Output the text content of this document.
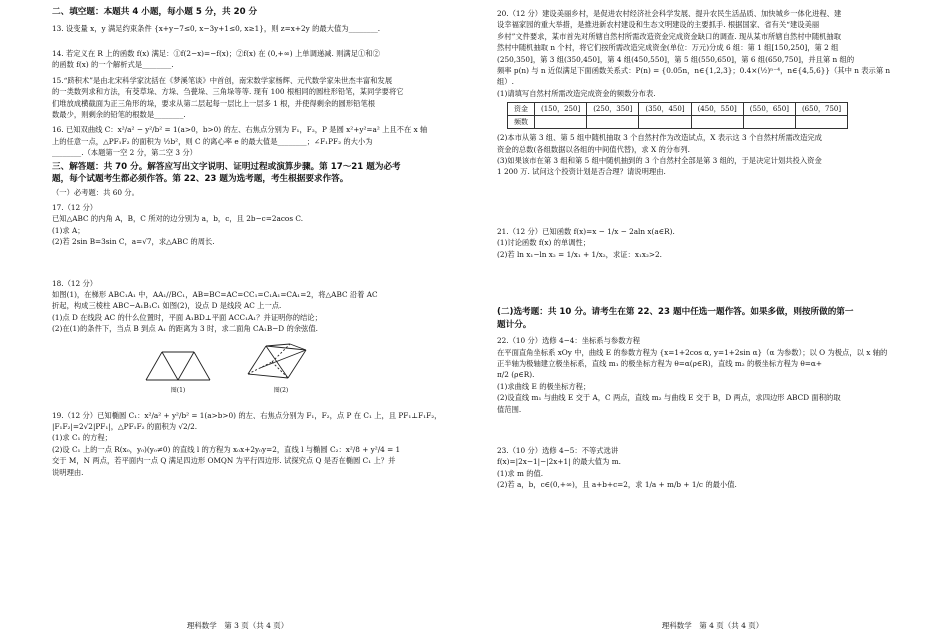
二、填空题：本题共 4 小题，每小题 5 分，共 20 分
13. 设变量 x，y 满足约束条件 {x+y−7≤0, x−3y+1≤0, x≥1}，则 z=x+2y 的最大值为________.
14. 若定义在 R 上的函数 f(x) 满足：①f(2−x)=−f(x)；②f(x) 在 (0,+∞) 上单调递减. 则满足①和②
的函数 f(x) 的一个解析式是________.
15.“跻积术”是由北宋科学家沈括在《梦溪笔谈》中首创，南宋数学家杨辉、元代数学家朱世杰丰富和发展
的一类数列求和方法，有茭草垛、方垛、刍甍垛、三角垛等等. 现有 100 根相同的圆柱形铅笔，某同学要将它
们堆放成横截面为正三角形的垛，要求从第二层起每一层比上一层多 1 根，并使得剩余的圆形铅笔根
数最少，则剩余的铅笔的根数是________.
16. 已知双曲线 C：x²/a² − y²/b² = 1(a>0，b>0) 的左、右焦点分别为 F₁，F₂，P 是圆 x²+y²=a² 上且不在 x 轴
上的任意一点，△PF₁F₂ 的面积为 ½b²，则 C 的离心率 e 的最大值是________；∠F₁PF₂ 的大小为
________.（本题第一空 2 分，第二空 3 分）
三、解答题：共 70 分。解答应写出文字说明、证明过程或演算步骤。第 17～21 题为必考
题，每个试题考生都必须作答。第 22、23 题为选考题，考生根据要求作答。
（一）必考题：共 60 分。
17.（12 分）
已知△ABC 的内角 A，B，C 所对的边分别为 a，b，c，且 2b−c=2acos C.
(1)求 A；
(2)若 2sin B=3sin C，a=√7，求△ABC 的周长.
18.（12 分）
如图(1)，在梯形 ABC₁A₁ 中，AA₁//BC₁，AB=BC=AC=CC₁=C₁A₁=CA₁=2，将△ABC 沿着 AC
折起，构成三棱柱 ABC−A₁B₁C₁ 如图(2)，设点 D 是线段 AC 上一点.
(1)点 D 在线段 AC 的什么位置时，平面 A₁BD⊥平面 ACC₁A₁？并证明你的结论；
(2)在(1)的条件下，当点 B 到点 A₁ 的距离为 3 时，求二面角 CA₁B−D 的余弦值.
图(1)	图(2)
19.（12 分）已知椭圆 C₁：x²/a² + y²/b² = 1(a>b>0) 的左、右焦点分别为 F₁，F₂，点 P 在 C₁ 上，且 PF₁⊥F₁F₂，
|F₁F₂|=2√2|PF₁|，△PF₁F₂ 的面积为 √2/2.
(1)求 C₁ 的方程；
(2)设 C₁ 上的一点 R(x₀，y₀)(y₀≠0) 的直线 l 的方程为 x₀x+2y₀y=2，直线 l 与椭圆 C₂：x²/8 + y²/4 = 1
交于 M，N 两点，若平面内一点 Q 满足四边形 OMQN 为平行四边形. 试探究点 Q 是否在椭圆 C₁ 上？并
说明理由.
理科数学　第 3 页（共 4 页）
20.（12 分）建设美丽乡村，是促进农村经济社会科学发展、提升农民生活品质、加快城乡一体化进程、建
设幸福家园的重大举措，是推进新农村建设和生态文明建设的主要抓手. 根据国家、省有关“建设美丽
乡村”文件要求，某市首先对所辖自然村所需改造资金完成资金缺口的调查. 现从某市所辖自然村中随机抽取
然村中随机抽取 n 个村，将它们按所需改造完成资金(单位：万元)分成 6 组：第 1 组[150,250]，第 2 组
(250,350]，第 3 组(350,450]，第 4 组(450,550]，第 5 组(550,650]，第 6 组(650,750]，并且第 n 组的
频率 p(n) 与 n 近似满足下面函数关系式：P(n) = {0.05n，n∈{1,2,3}；0.4×(½)ⁿ⁻⁴，n∈{4,5,6}}（其中 n 表示第 n
组）.
(1)请填写自然村所需改造完成资金的频数分布表.
资金	(150，250]	(250，350]	(350，450]	(450，550]	(550，650]	(650，750]
频数						
(2)本市从第 3 组、第 5 组中随机抽取 3 个自然村作为改造试点，X 表示这 3 个自然村所需改造完成
资金的总数(各组数据以各组的中间值代替)，求 X 的分布列.
(3)如果该市在第 3 组和第 5 组中随机抽到的 3 个自然村全部是第 3 组的，于是决定计划共投入资金
1 200 万. 试问这个投资计划是否合理？请说明理由.
21.（12 分）已知函数 f(x)=x − 1/x − 2aln x(a∈R).
(1)讨论函数 f(x) 的单调性；
(2)若 ln x₁−ln x₂ = 1/x₁ + 1/x₂，求证：x₁x₂>2.
(二)选考题：共 10 分。请考生在第 22、23 题中任选一题作答。如果多做，则按所做的第一
题计分。
22.（10 分）选修 4−4：坐标系与参数方程
在平面直角坐标系 xOy 中，曲线 E 的参数方程为 {x=1+2cos α, y=1+2sin α}（α 为参数）；以 O 为极点，以 x 轴的
正半轴为极轴建立极坐标系，直线 m₁ 的极坐标方程为 θ=α(ρ∈R)，直线 m₂ 的极坐标方程为 θ=α+
π/2 (ρ∈R).
(1)求曲线 E 的极坐标方程；
(2)设直线 m₁ 与曲线 E 交于 A，C 两点，直线 m₂ 与曲线 E 交于 B，D 两点，求四边形 ABCD 面积的取
值范围.
23.（10 分）选修 4−5：不等式选讲
f(x)=|2x−1|−|2x+1| 的最大值为 m.
(1)求 m 的值.
(2)若 a，b，c∈(0,+∞)，且 a+b+c=2，求 1/a + m/b + 1/c 的最小值.
理科数学　第 4 页（共 4 页）
